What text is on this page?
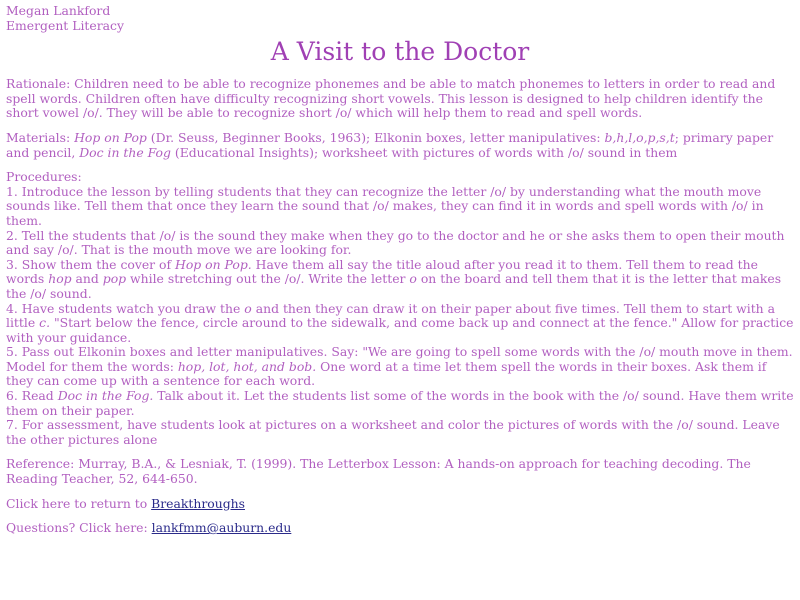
Megan Lankford
Emergent Literacy
A Visit to the Doctor

Rationale: Children need to be able to recognize phonemes and be able to match phonemes to letters in order to read and spell words. Children often have difficulty recognizing short vowels. This lesson is designed to help children identify the short vowel /o/. They will be able to recognize short /o/ which will help them to read and spell words.

Materials: Hop on Pop (Dr. Seuss, Beginner Books, 1963); Elkonin boxes, letter manipulatives: b,h,l,o,p,s,t; primary paper and pencil, Doc in the Fog (Educational Insights); worksheet with pictures of words with /o/ sound in them

Procedures:
1. Introduce the lesson by telling students that they can recognize the letter /o/ by understanding what the mouth move sounds like. Tell them that once they learn the sound that /o/ makes, they can find it in words and spell words with /o/ in them.
2. Tell the students that /o/ is the sound they make when they go to the doctor and he or she asks them to open their mouth and say /o/. That is the mouth move we are looking for.
3. Show them the cover of Hop on Pop. Have them all say the title aloud after you read it to them. Tell them to read the words hop and pop while stretching out the /o/. Write the letter o on the board and tell them that it is the letter that makes the /o/ sound.
4. Have students watch you draw the o and then they can draw it on their paper about five times. Tell them to start with a little c. "Start below the fence, circle around to the sidewalk, and come back up and connect at the fence." Allow for practice with your guidance.
5. Pass out Elkonin boxes and letter manipulatives. Say: "We are going to spell some words with the /o/ mouth move in them. Model for them the words: hop, lot, hot, and bob. One word at a time let them spell the words in their boxes. Ask them if they can come up with a sentence for each word.
6. Read Doc in the Fog. Talk about it. Let the students list some of the words in the book with the /o/ sound. Have them write them on their paper.
7. For assessment, have students look at pictures on a worksheet and color the pictures of words with the /o/ sound. Leave the other pictures alone

Reference: Murray, B.A., & Lesniak, T. (1999). The Letterbox Lesson: A hands-on approach for teaching decoding. The Reading Teacher, 52, 644-650.

Click here to return to Breakthroughs

Questions? Click here: lankfmm@auburn.edu
